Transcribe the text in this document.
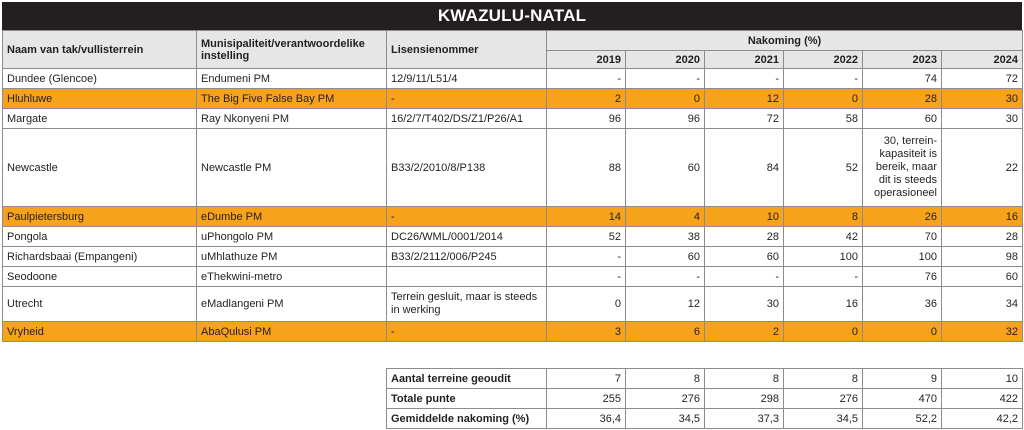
KWAZULU-NATAL
Naam van tak/vullisterrein	Munisipaliteit/verantwoordelike instelling	Lisensienommer	Nakoming (%)					
			2019	2020	2021	2022	2023	2024
Dundee (Glencoe)	Endumeni PM	12/9/11/L51/4	-	-	-	-	74	72
Hluhluwe	The Big Five False Bay PM	-	2	0	12	0	28	30
Margate	Ray Nkonyeni PM	16/2/7/T402/DS/Z1/P26/A1	96	96	72	58	60	30
Newcastle	Newcastle PM	B33/2/2010/8/P138	88	60	84	52	30, terrein-kapasiteit is bereik, maar dit is steeds operasioneel	22
Paulpietersburg	eDumbe PM	-	14	4	10	8	26	16
Pongola	uPhongolo PM	DC26/WML/0001/2014	52	38	28	42	70	28
Richardsbaai (Empangeni)	uMhlathuze PM	B33/2/2112/006/P245	-	60	60	100	100	98
Seodoone	eThekwini-metro		-	-	-	-	76	60
Utrecht	eMadlangeni PM	Terrein gesluit, maar is steeds in werking	0	12	30	16	36	34
Vryheid	AbaQulusi PM	-	3	6	2	0	0	32
Aantal terreine geoudit	7	8	8	8	9	10
Totale punte	255	276	298	276	470	422
Gemiddelde nakoming (%)	36,4	34,5	37,3	34,5	52,2	42,2
